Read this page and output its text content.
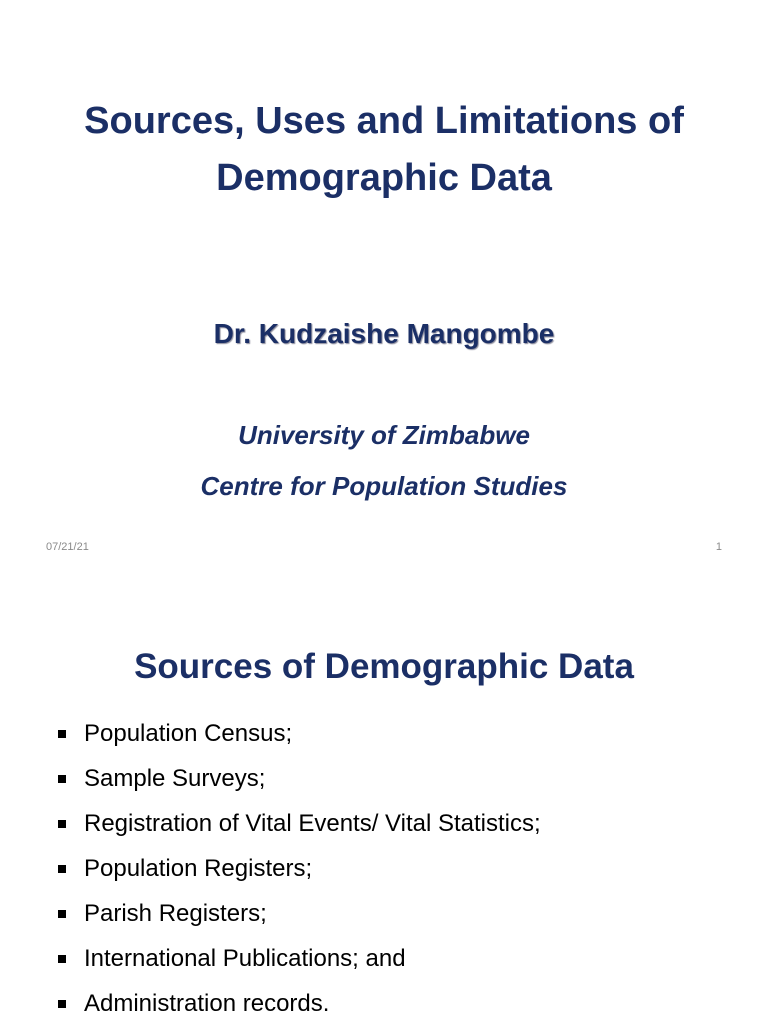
Sources, Uses and Limitations of
Demographic Data
Dr. Kudzaishe Mangombe
University of Zimbabwe
Centre for Population Studies
07/21/21	1
Sources of Demographic Data
Population Census;
Sample Surveys;
Registration of Vital Events/ Vital Statistics;
Population Registers;
Parish Registers;
International Publications; and
Administration records.
